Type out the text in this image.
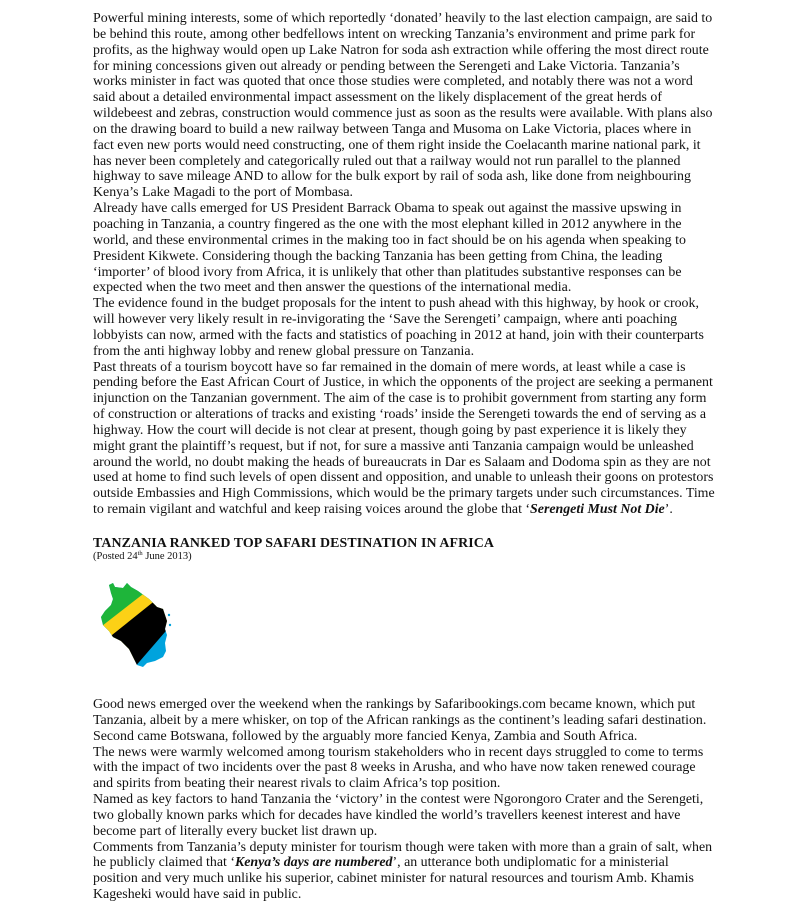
Powerful mining interests, some of which reportedly ‘donated’ heavily to the last election campaign, are said to be behind this route, among other bedfellows intent on wrecking Tanzania’s environment and prime park for profits, as the highway would open up Lake Natron for soda ash extraction while offering the most direct route for mining concessions given out already or pending between the Serengeti and Lake Victoria. Tanzania’s works minister in fact was quoted that once those studies were completed, and notably there was not a word said about a detailed environmental impact assessment on the likely displacement of the great herds of wildebeest and zebras, construction would commence just as soon as the results were available. With plans also on the drawing board to build a new railway between Tanga and Musoma on Lake Victoria, places where in fact even new ports would need constructing, one of them right inside the Coelacanth marine national park, it has never been completely and categorically ruled out that a railway would not run parallel to the planned highway to save mileage AND to allow for the bulk export by rail of soda ash, like done from neighbouring Kenya’s Lake Magadi to the port of Mombasa.

Already have calls emerged for US President Barrack Obama to speak out against the massive upswing in poaching in Tanzania, a country fingered as the one with the most elephant killed in 2012 anywhere in the world, and these environmental crimes in the making too in fact should be on his agenda when speaking to President Kikwete. Considering though the backing Tanzania has been getting from China, the leading ‘importer’ of blood ivory from Africa, it is unlikely that other than platitudes substantive responses can be expected when the two meet and then answer the questions of the international media.

The evidence found in the budget proposals for the intent to push ahead with this highway, by hook or crook, will however very likely result in re-invigorating the ‘Save the Serengeti’ campaign, where anti poaching lobbyists can now, armed with the facts and statistics of poaching in 2012 at hand, join with their counterparts from the anti highway lobby and renew global pressure on Tanzania.

Past threats of a tourism boycott have so far remained in the domain of mere words, at least while a case is pending before the East African Court of Justice, in which the opponents of the project are seeking a permanent injunction on the Tanzanian government. The aim of the case is to prohibit government from starting any form of construction or alterations of tracks and existing ‘roads’ inside the Serengeti towards the end of serving as a highway. How the court will decide is not clear at present, though going by past experience it is likely they might grant the plaintiff’s request, but if not, for sure a massive anti Tanzania campaign would be unleashed around the world, no doubt making the heads of bureaucrats in Dar es Salaam and Dodoma spin as they are not used at home to find such levels of open dissent and opposition, and unable to unleash their goons on protestors outside Embassies and High Commissions, which would be the primary targets under such circumstances. Time to remain vigilant and watchful and keep raising voices around the globe that ‘Serengeti Must Not Die’.

TANZANIA RANKED TOP SAFARI DESTINATION IN AFRICA

(Posted 24th June 2013)

Good news emerged over the weekend when the rankings by Safaribookings.com became known, which put Tanzania, albeit by a mere whisker, on top of the African rankings as the continent’s leading safari destination. Second came Botswana, followed by the arguably more fancied Kenya, Zambia and South Africa.

The news were warmly welcomed among tourism stakeholders who in recent days struggled to come to terms with the impact of two incidents over the past 8 weeks in Arusha, and who have now taken renewed courage and spirits from beating their nearest rivals to claim Africa’s top position.

Named as key factors to hand Tanzania the ‘victory’ in the contest were Ngorongoro Crater and the Serengeti, two globally known parks which for decades have kindled the world’s travellers keenest interest and have become part of literally every bucket list drawn up.

Comments from Tanzania’s deputy minister for tourism though were taken with more than a grain of salt, when he publicly claimed that ‘Kenya’s days are numbered’, an utterance both undiplomatic for a ministerial position and very much unlike his superior, cabinet minister for natural resources and tourism Amb. Khamis Kagesheki would have said in public.
